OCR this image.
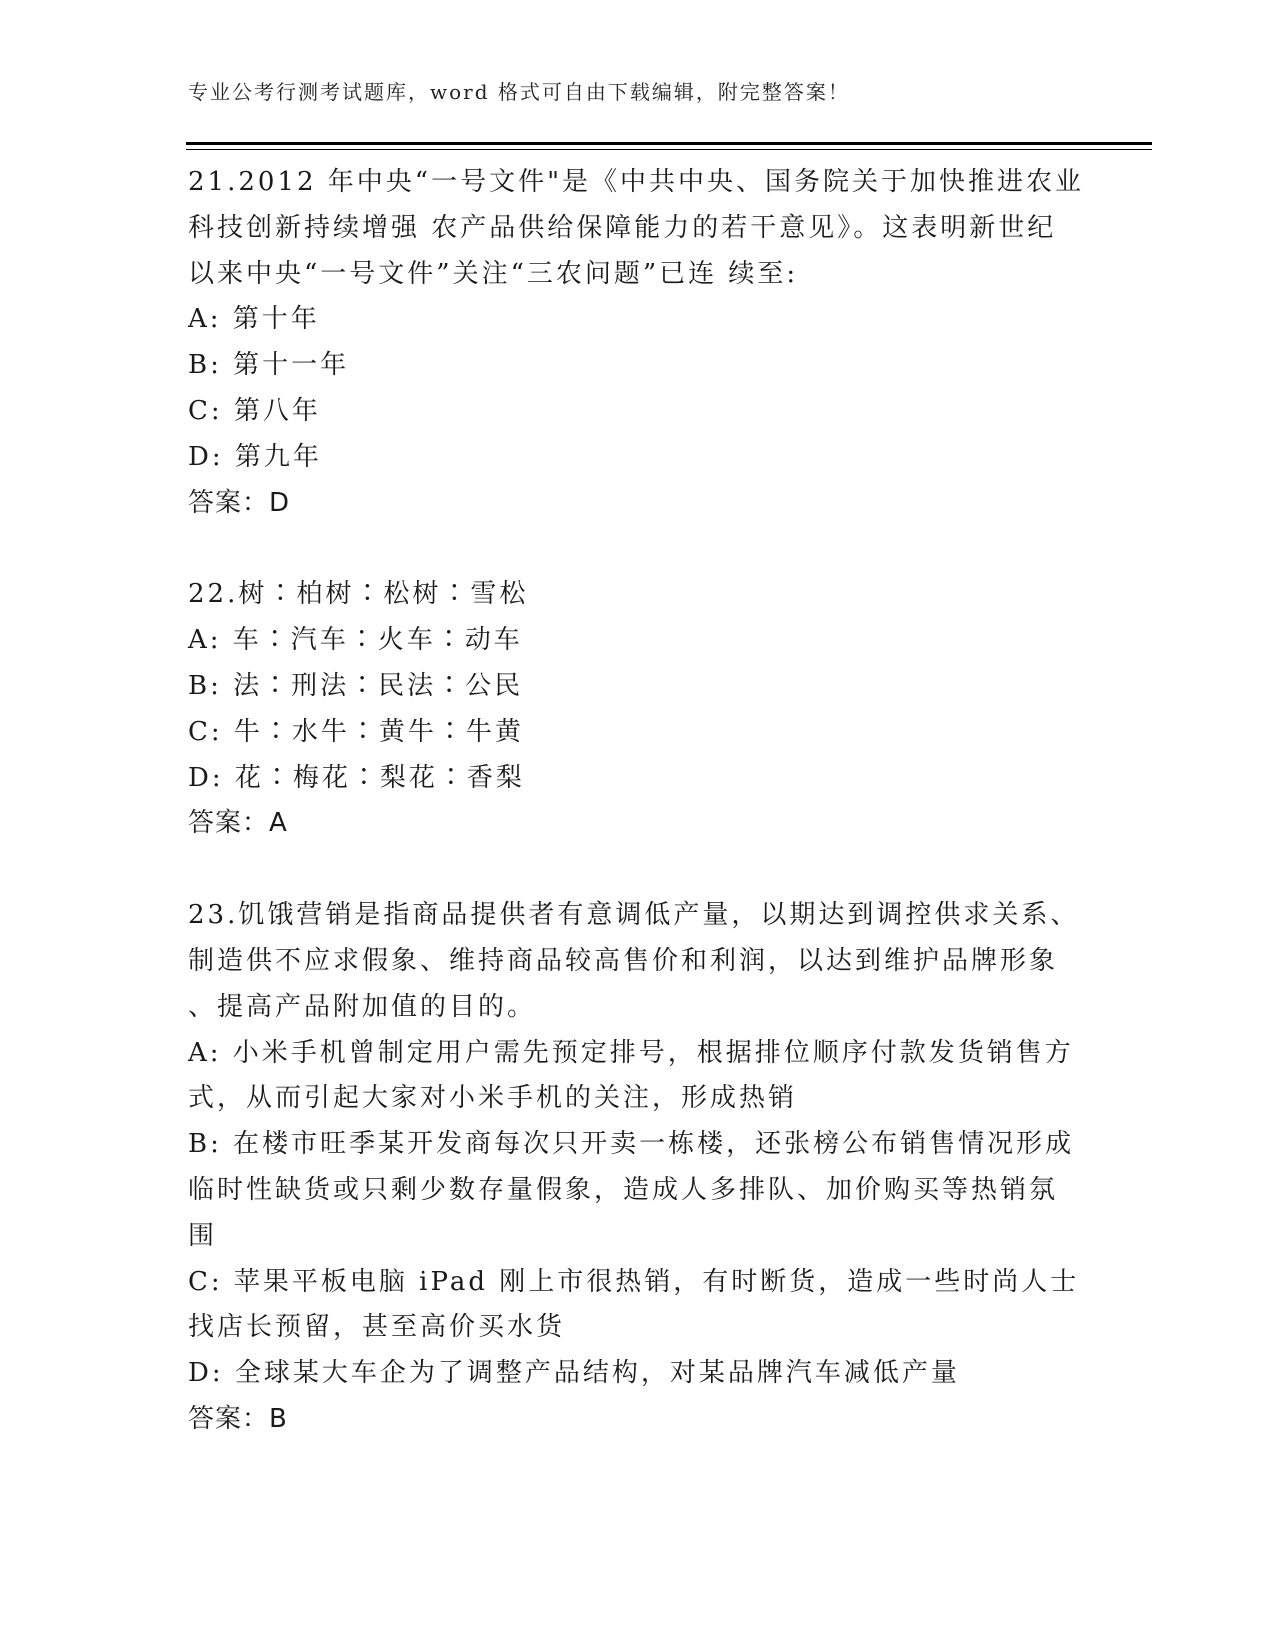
专业公考行测考试题库，word 格式可自由下载编辑，附完整答案！
21.2012 年中央“一号文件"是《中共中央、国务院关于加快推进农业
科技创新持续增强 农产品供给保障能力的若干意见》。这表明新世纪
以来中央“一号文件”关注“三农问题”已连 续至:
A: 第十年
B: 第十一年
C: 第八年
D: 第九年
答案：D
22.树∶柏树∶松树∶雪松
A: 车∶汽车∶火车∶动车
B: 法∶刑法∶民法∶公民
C: 牛∶水牛∶黄牛∶牛黄
D: 花∶梅花∶梨花∶香梨
答案：A
23.饥饿营销是指商品提供者有意调低产量，以期达到调控供求关系、
制造供不应求假象、维持商品较高售价和利润，以达到维护品牌形象
、提高产品附加值的目的。
A: 小米手机曾制定用户需先预定排号，根据排位顺序付款发货销售方
式，从而引起大家对小米手机的关注，形成热销
B: 在楼市旺季某开发商每次只开卖一栋楼，还张榜公布销售情况形成
临时性缺货或只剩少数存量假象，造成人多排队、加价购买等热销氛
围
C: 苹果平板电脑 iPad 刚上市很热销，有时断货，造成一些时尚人士
找店长预留，甚至高价买水货
D: 全球某大车企为了调整产品结构，对某品牌汽车减低产量
答案：B
